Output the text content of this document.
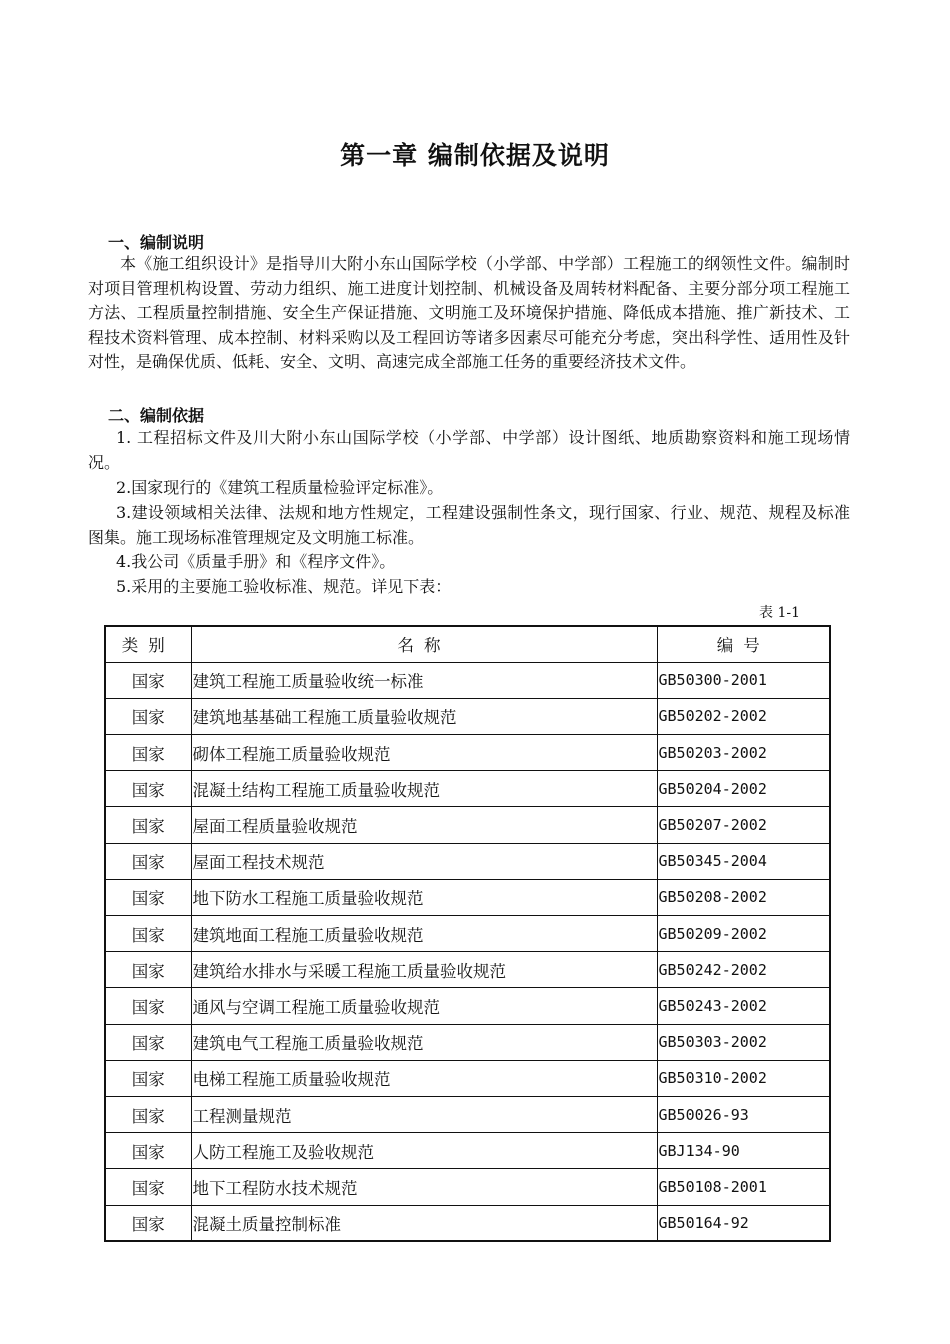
第一章 编制依据及说明
一、编制说明
本《施工组织设计》是指导川大附小东山国际学校（小学部、中学部）工程施工的纲领性文件。编制时对项目管理机构设置、劳动力组织、施工进度计划控制、机械设备及周转材料配备、主要分部分项工程施工方法、工程质量控制措施、安全生产保证措施、文明施工及环境保护措施、降低成本措施、推广新技术、工程技术资料管理、成本控制、材料采购以及工程回访等诸多因素尽可能充分考虑，突出科学性、适用性及针对性，是确保优质、低耗、安全、文明、高速完成全部施工任务的重要经济技术文件。
二、编制依据
1. 工程招标文件及川大附小东山国际学校（小学部、中学部）设计图纸、地质勘察资料和施工现场情况。
2.国家现行的《建筑工程质量检验评定标准》。
3.建设领域相关法律、法规和地方性规定，工程建设强制性条文，现行国家、行业、规范、规程及标准图集。施工现场标准管理规定及文明施工标准。
4.我公司《质量手册》和《程序文件》。
5.采用的主要施工验收标准、规范。详见下表：
表 1-1
类别	名称	编号
国家	建筑工程施工质量验收统一标准	GB50300-2001
国家	建筑地基基础工程施工质量验收规范	GB50202-2002
国家	砌体工程施工质量验收规范	GB50203-2002
国家	混凝土结构工程施工质量验收规范	GB50204-2002
国家	屋面工程质量验收规范	GB50207-2002
国家	屋面工程技术规范	GB50345-2004
国家	地下防水工程施工质量验收规范	GB50208-2002
国家	建筑地面工程施工质量验收规范	GB50209-2002
国家	建筑给水排水与采暖工程施工质量验收规范	GB50242-2002
国家	通风与空调工程施工质量验收规范	GB50243-2002
国家	建筑电气工程施工质量验收规范	GB50303-2002
国家	电梯工程施工质量验收规范	GB50310-2002
国家	工程测量规范	GB50026-93
国家	人防工程施工及验收规范	GBJ134-90
国家	地下工程防水技术规范	GB50108-2001
国家	混凝土质量控制标准	GB50164-92
